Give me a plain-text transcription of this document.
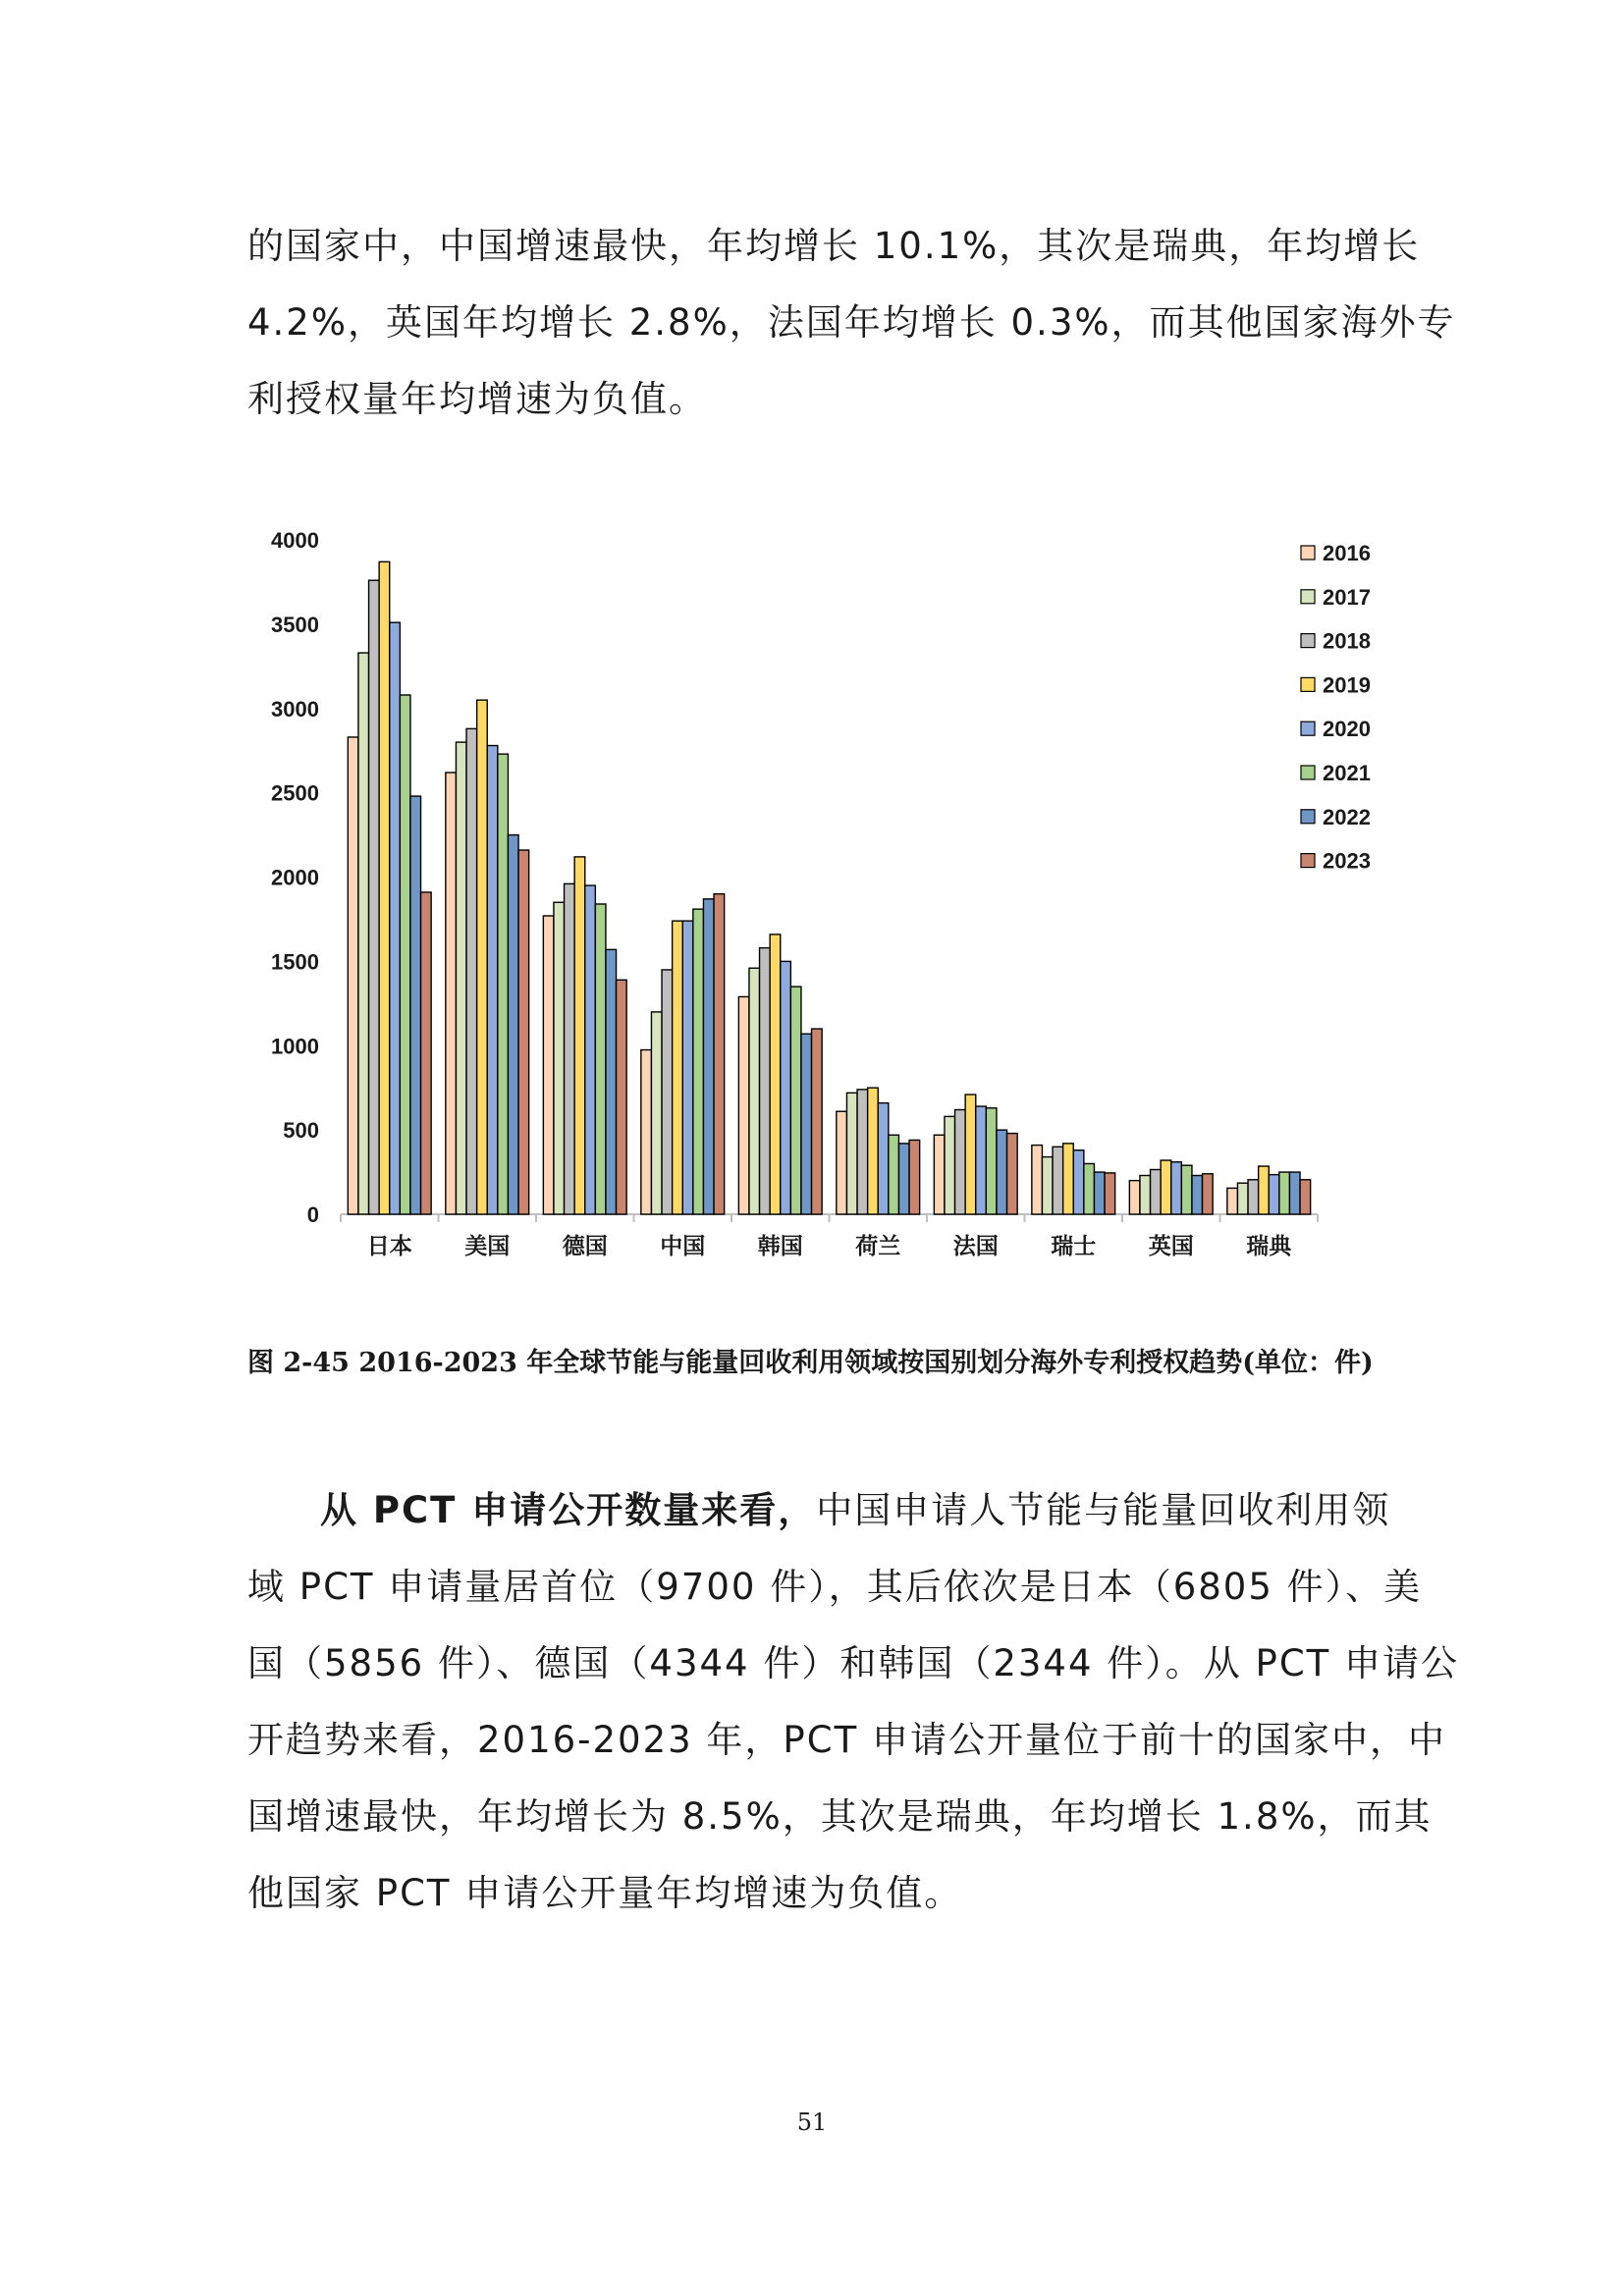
的国家中，中国增速最快，年均增长 10.1%，其次是瑞典，年均增长
4.2%，英国年均增长 2.8%，法国年均增长 0.3%，而其他国家海外专
利授权量年均增速为负值。

0
500
1000
1500
2000
2500
3000
3500
4000
日本 美国 德国 中国 韩国 荷兰 法国 瑞士 英国 瑞典
2016
2017
2018
2019
2020
2021
2022
2023
图 2-45 2016-2023 年全球节能与能量回收利用领域按国别划分海外专利授权趋势(单位：件)

从 PCT 申请公开数量来看，中国申请人节能与能量回收利用领
域 PCT 申请量居首位（9700 件），其后依次是日本（6805 件）、美
国（5856 件）、德国（4344 件）和韩国（2344 件）。从 PCT 申请公
开趋势来看，2016-2023 年，PCT 申请公开量位于前十的国家中，中
国增速最快，年均增长为 8.5%，其次是瑞典，年均增长 1.8%，而其
他国家 PCT 申请公开量年均增速为负值。

51
